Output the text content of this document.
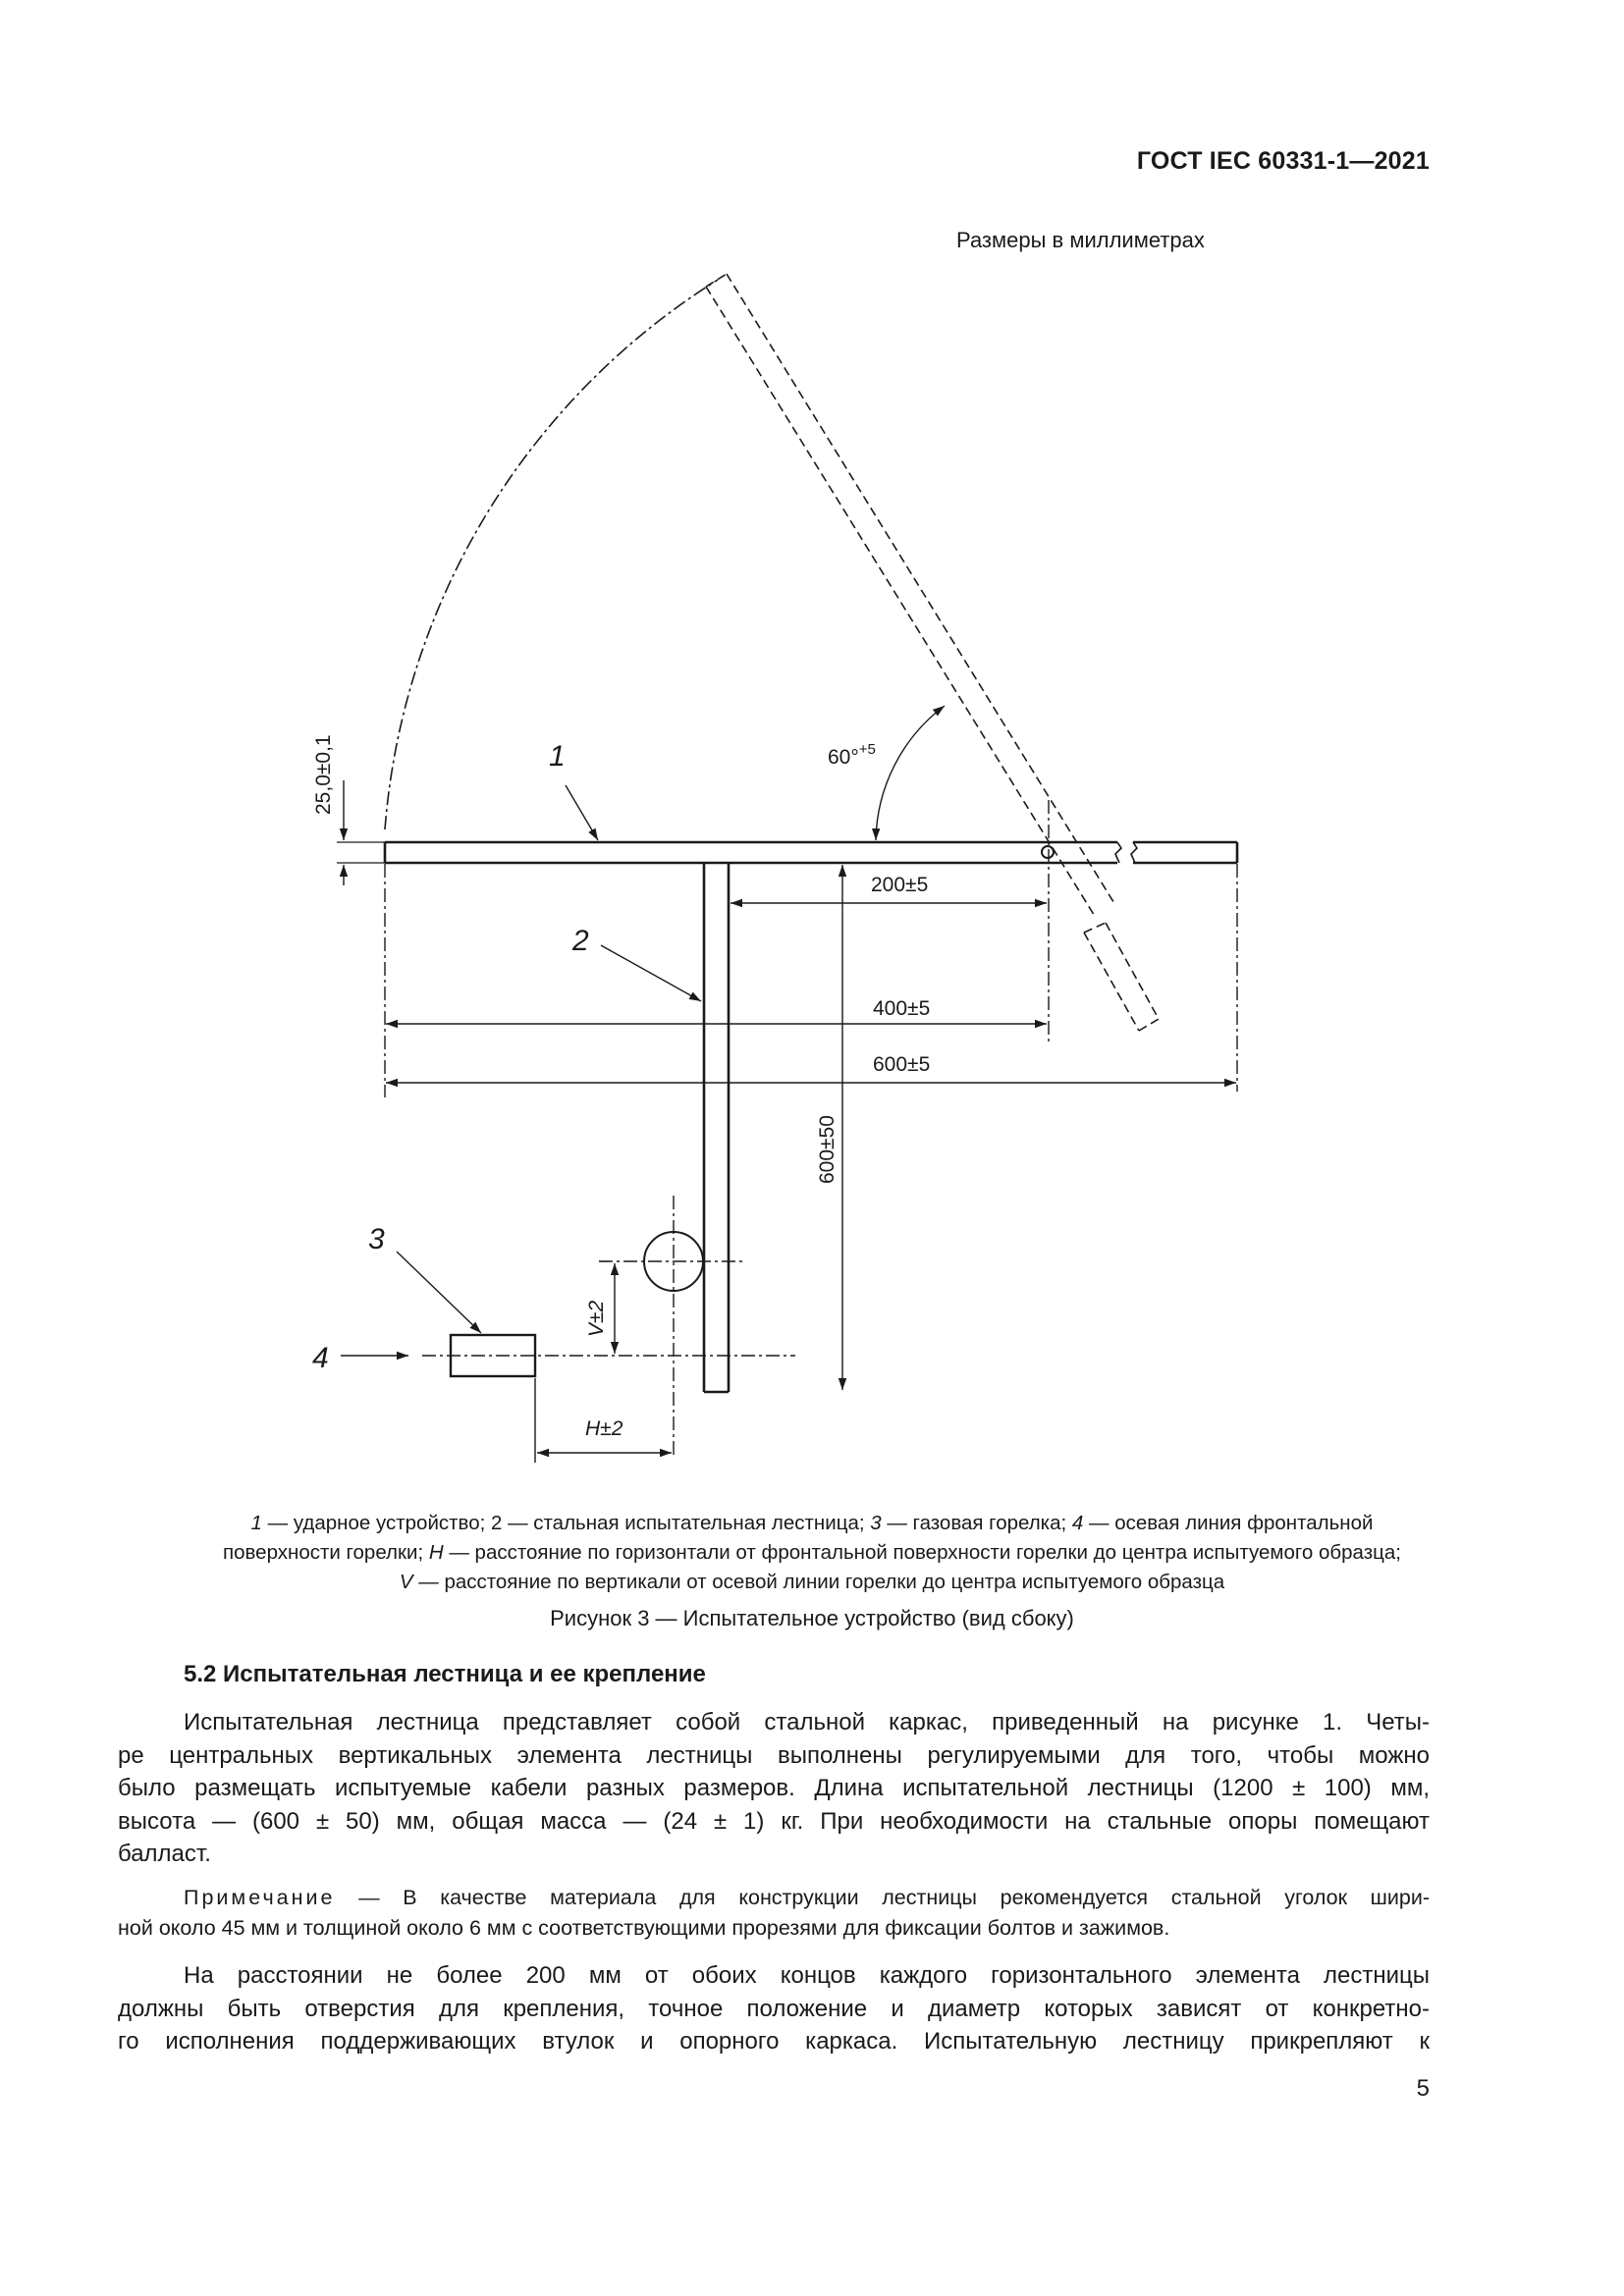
ГОСТ IEC 60331-1—2021
Размеры в миллиметрах
1
2
3
4
25,0±0,1	60°$^{+5}$
200±5
400±5
600±5
600±50
V±2
H±2
1 — ударное устройство; 2 — стальная испытательная лестница; 3 — газовая горелка; 4 — осевая линия фронтальной
поверхности горелки; H — расстояние по горизонтали от фронтальной поверхности горелки до центра испытуемого образца;
V — расстояние по вертикали от осевой линии горелки до центра испытуемого образца
Рисунок 3 — Испытательное устройство (вид сбоку)
5.2 Испытательная лестница и ее крепление
Испытательная лестница представляет собой стальной каркас, приведенный на рисунке 1. Четы-
ре центральных вертикальных элемента лестницы выполнены регулируемыми для того, чтобы можно
было размещать испытуемые кабели разных размеров. Длина испытательной лестницы (1200 ± 100) мм,
высота — (600 ± 50) мм, общая масса — (24 ± 1) кг. При необходимости на стальные опоры помещают
балласт.
Примечание — В качестве материала для конструкции лестницы рекомендуется стальной уголок шири-
ной около 45 мм и толщиной около 6 мм с соответствующими прорезями для фиксации болтов и зажимов.
На расстоянии не более 200 мм от обоих концов каждого горизонтального элемента лестницы
должны быть отверстия для крепления, точное положение и диаметр которых зависят от конкретно-
го исполнения поддерживающих втулок и опорного каркаса. Испытательную лестницу прикрепляют к
5
